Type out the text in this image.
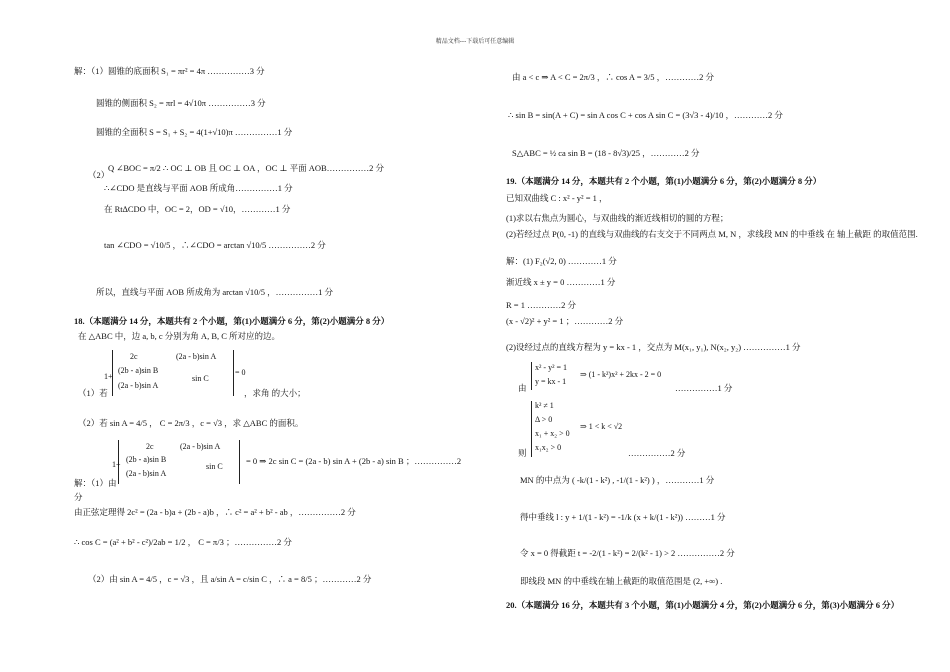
精品文档---下载后可任意编辑
解：（1）圆锥的底面积 S₁ = πr² = 4π ……………3 分
圆锥的侧面积 S₂ = πrl = 4√10π ……………3 分
圆锥的全面积 S = S₁ + S₂ = 4(1+√10)π ……………1 分
Q ∠BOC = π/2 ∴ OC ⊥ OB 且 OC ⊥ OA ，OC ⊥ 平面 AOB……………2 分
（2）
∴∠CDO 是直线与平面 AOB 所成角……………1 分
在 Rt∆CDO 中，OC = 2，OD = √10，…………1 分
tan ∠CDO = √10/5 ，∴∠CDO = arctan √10/5 ……………2 分
所以，直线与平面 AOB 所成角为 arctan √10/5 ，……………1 分
18.（本题满分 14 分，本题共有 2 个小题，第(1)小题满分 6 分，第(2)小题满分 8 分）
在 △ABC 中，边 a, b, c 分别为角 A, B, C 所对应的边。
2c	(2a - b)sin A
1+
(2b - a)sin B
(2a - b)sin A
sin C
= 0
（1）若	，求角 的大小；
（2）若 sin A = 4/5 ， C = 2π/3 ，c = √3 ，求 △ABC 的面积。
2c	(2a - b)sin A
1+
(2b - a)sin B
(2a - b)sin A
sin C
解：（1）由
= 0 ⇒ 2c sin C = (2a - b) sin A + (2b - a) sin B ；……………2
分
由正弦定理得 2c² = (2a - b)a + (2b - a)b ，∴ c² = a² + b² - ab ，……………2 分
∴ cos C = (a² + b² - c²)/2ab = 1/2 ， C = π/3 ；……………2 分
（2）由 sin A = 4/5 ，c = √3 ，且 a/sin A = c/sin C ，∴ a = 8/5 ；…………2 分
由 a < c ⇒ A < C = 2π/3 ，∴ cos A = 3/5 ，…………2 分
∴ sin B = sin(A + C) = sin A cos C + cos A sin C = (3√3 - 4)/10 ，…………2 分
S△ABC = ½ ca sin B = (18 - 8√3)/25 ，…………2 分
19.（本题满分 14 分，本题共有 2 个小题，第(1)小题满分 6 分，第(2)小题满分 8 分）
已知双曲线 C : x² - y² = 1 ，
(1)求以右焦点为圆心，与双曲线的渐近线相切的圆的方程；
(2)若经过点 P(0, -1) 的直线与双曲线的右支交于不同两点 M, N ，求线段 MN 的中垂线 在 轴上截距 的取值范围.
解：(1) F₂(√2, 0) …………1 分
渐近线 x ± y = 0 …………1 分
R = 1 …………2 分
(x - √2)² + y² = 1 ；…………2 分
(2)设经过点的直线方程为 y = kx - 1 ，交点为 M(x₁, y₁), N(x₂, y₂) ……………1 分
由
x² - y² = 1
y = kx - 1
⇒ (1 - k²)x² + 2kx - 2 = 0
……………1 分
则
k² ≠ 1
Δ > 0
x₁ + x₂ > 0
x₁x₂ > 0
⇒ 1 < k < √2
……………2 分
MN 的中点为 ( -k/(1 - k²) , -1/(1 - k²) ) ，…………1 分
得中垂线 l : y + 1/(1 - k²) = -1/k (x + k/(1 - k²)) ………1 分
令 x = 0 得截距 t = -2/(1 - k²) = 2/(k² - 1) > 2 ……………2 分
即线段 MN 的中垂线在轴上截距的取值范围是 (2, +∞) .
20.（本题满分 16 分，本题共有 3 个小题，第(1)小题满分 4 分，第(2)小题满分 6 分，第(3)小题满分 6 分）
